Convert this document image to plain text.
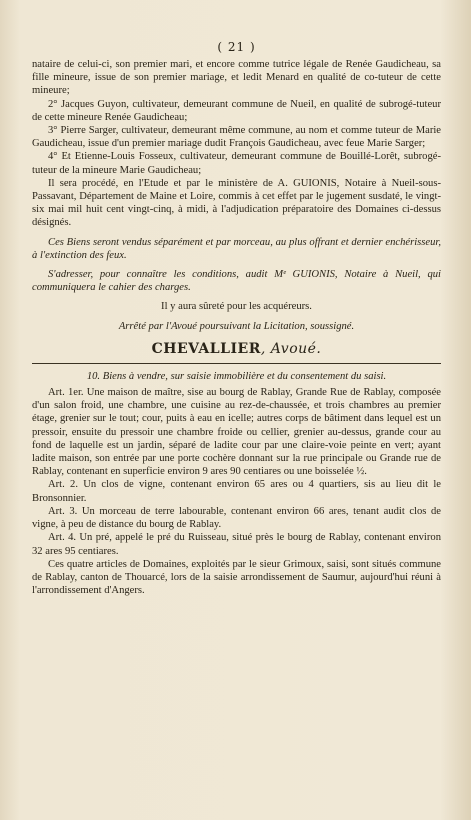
( 21 )

nataire de celui-ci, son premier mari, et encore comme tutrice légale de Renée Gaudicheau, sa fille mineure, issue de son premier mariage, et ledit Menard en qualité de co-tuteur de cette mineure;

2° Jacques Guyon, cultivateur, demeurant commune de Nueil, en qualité de subrogé-tuteur de cette mineure Renée Gaudicheau;

3° Pierre Sarger, cultivateur, demeurant même commune, au nom et comme tuteur de Marie Gaudicheau, issue d'un premier mariage dudit François Gaudicheau, avec feue Marie Sarger;

4° Et Etienne-Louis Fosseux, cultivateur, demeurant commune de Bouillé-Lorêt, subrogé-tuteur de la mineure Marie Gaudicheau;

Il sera procédé, en l'Etude et par le ministère de A. GUIONIS, Notaire à Nueil-sous-Passavant, Département de Maine et Loire, commis à cet effet par le jugement susdaté, le vingt-six mai mil huit cent vingt-cinq, à midi, à l'adjudication préparatoire des Domaines ci-dessus désignés.

Ces Biens seront vendus séparément et par morceau, au plus offrant et dernier enchérisseur, à l'extinction des feux.

S'adresser, pour connaître les conditions, audit Mᵉ GUIONIS, Notaire à Nueil, qui communiquera le cahier des charges.

Il y aura sûreté pour les acquéreurs.

Arrêté par l'Avoué poursuivant la Licitation, soussigné.

CHEVALLIER, Avoué.

10. Biens à vendre, sur saisie immobilière et du consentement du saisi.

Art. 1er. Une maison de maître, sise au bourg de Rablay, Grande Rue de Rablay, composée d'un salon froid, une chambre, une cuisine au rez-de-chaussée, et trois chambres au premier étage, grenier sur le tout; cour, puits à eau en icelle; autres corps de bâtiment dans lequel est un pressoir, ensuite du pressoir une chambre froide ou cellier, grenier au-dessus, grande cour au fond de laquelle est un jardin, séparé de ladite cour par une claire-voie peinte en vert; ayant ladite maison, son entrée par une porte cochère donnant sur la rue principale ou Grande rue de Rablay, contenant en superficie environ 9 ares 90 centiares ou une boisselée ½.

Art. 2. Un clos de vigne, contenant environ 65 ares ou 4 quartiers, sis au lieu dit le Bronsonnier.

Art. 3. Un morceau de terre labourable, contenant environ 66 ares, tenant audit clos de vigne, à peu de distance du bourg de Rablay.

Art. 4. Un pré, appelé le pré du Ruisseau, situé près le bourg de Rablay, contenant environ 32 ares 95 centiares.

Ces quatre articles de Domaines, exploités par le sieur Grimoux, saisi, sont situés commune de Rablay, canton de Thouarcé, lors de la saisie arrondissement de Saumur, aujourd'hui réuni à l'arrondissement d'Angers.
